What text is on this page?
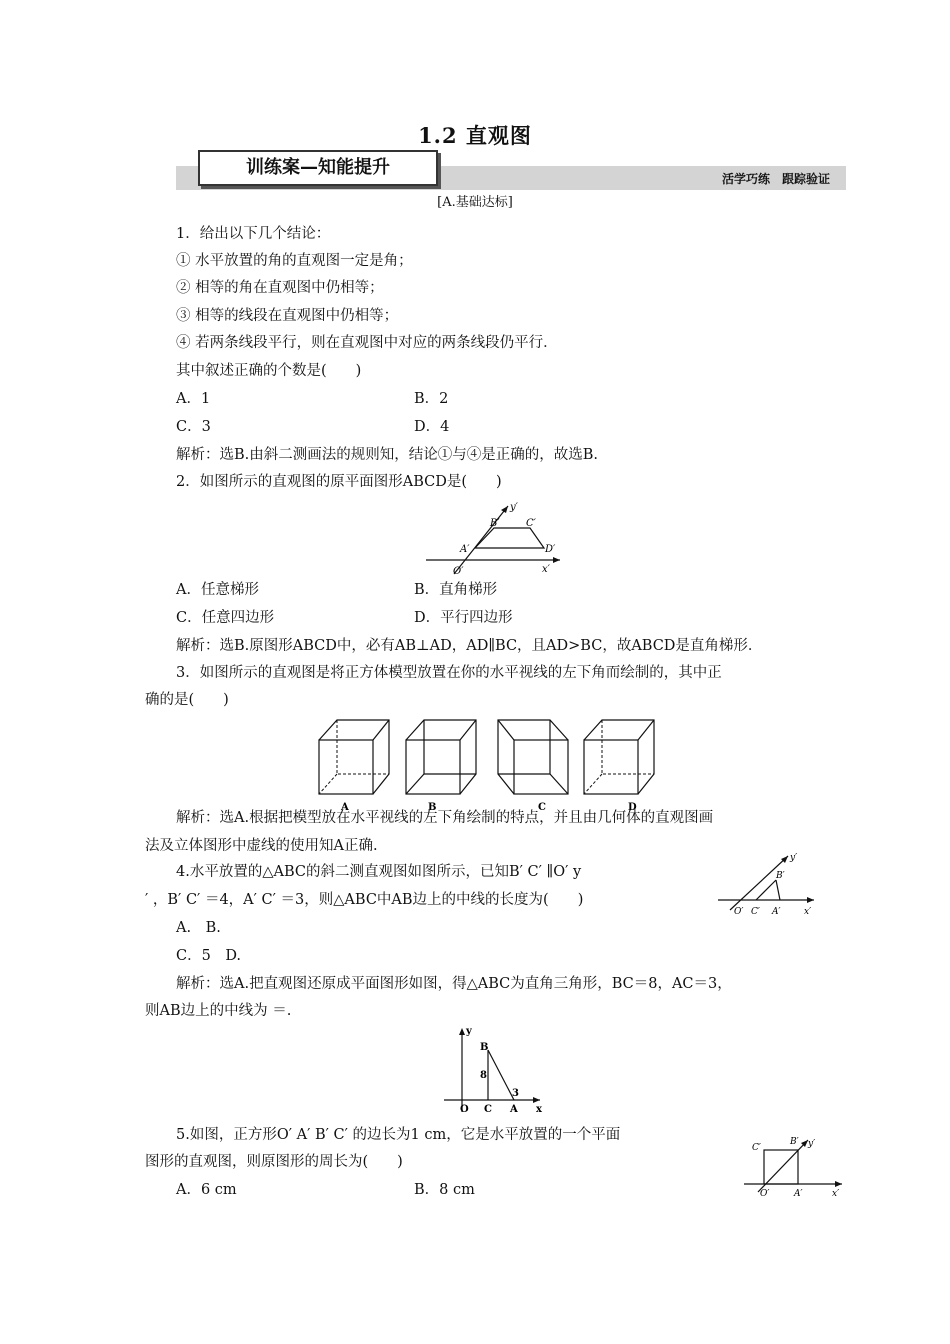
1.2 直观图
训练案—知能提升
活学巧练　跟踪验证
[A.基础达标]
1．给出以下几个结论：
① 水平放置的角的直观图一定是角；
② 相等的角在直观图中仍相等；
③ 相等的线段在直观图中仍相等；
④ 若两条线段平行，则在直观图中对应的两条线段仍平行．
其中叙述正确的个数是(　　)
A．1	B．2
C．3	D．4
解析：选B.由斜二测画法的规则知，结论①与④是正确的，故选B.
2．如图所示的直观图的原平面图形ABCD是(　　)
y′
x′
O′
A′
B′	C′
D′
A．任意梯形	B．直角梯形
C．任意四边形	D．平行四边形
解析：选B.原图形ABCD中，必有AB⊥AD，AD∥BC，且AD>BC，故ABCD是直角梯形．
3．如图所示的直观图是将正方体模型放置在你的水平视线的左下角而绘制的，其中正
确的是(　　)
A	B	C	D
解析：选A.根据把模型放在水平视线的左下角绘制的特点，并且由几何体的直观图画
法及立体图形中虚线的使用知A正确.
4.水平放置的△ABC的斜二测直观图如图所示，已知B′ C′ ∥O′ y
′ ，B′ C′ ＝4，A′ C′ ＝3，则△ABC中AB边上的中线的长度为(　　)
y′
x′
O′ C′ A′
B′
A.　B.
C．5　D.
解析：选A.把直观图还原成平面图形如图，得△ABC为直角三角形，BC＝8，AC＝3，
则AB边上的中线为 ＝.
y
x
O C A
B
8
3
5.如图，正方形O′ A′ B′ C′ 的边长为1 cm，它是水平放置的一个平面
图形的直观图，则原图形的周长为(　　)
A．6 cm	B．8 cm
C′
B′ y′
O′	A′	x′
